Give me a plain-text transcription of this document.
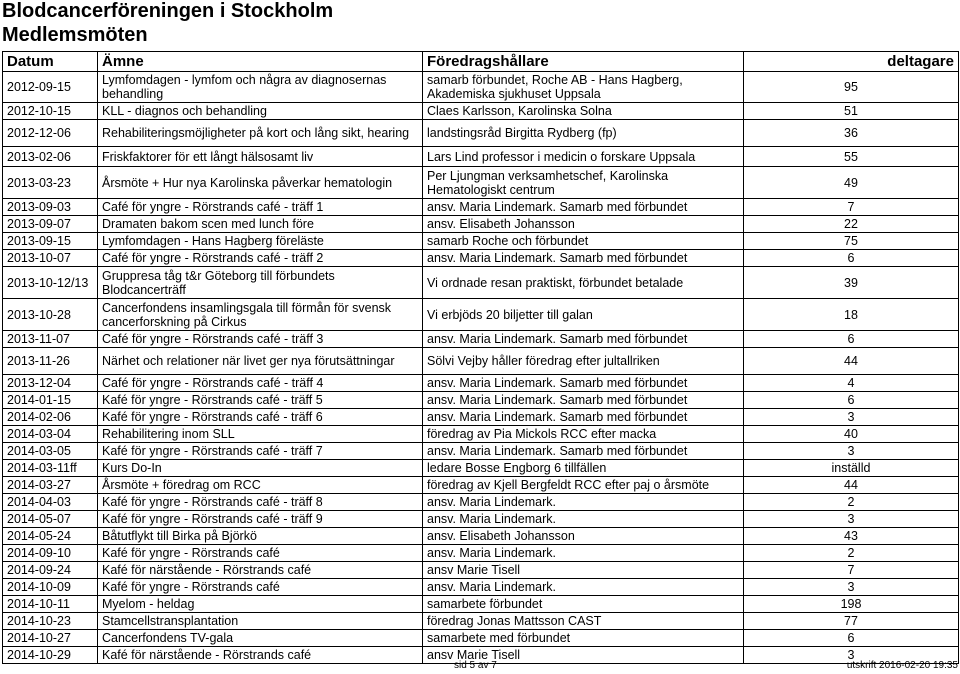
Blodcancerföreningen i Stockholm
Medlemsmöten
Datum	Ämne	Föredragshållare	deltagare
2012-09-15	Lymfomdagen - lymfom och några av diagnosernas behandling	samarb förbundet, Roche AB - Hans Hagberg, Akademiska sjukhuset Uppsala	95
2012-10-15	KLL - diagnos och behandling	Claes Karlsson, Karolinska Solna	51
2012-12-06	Rehabiliteringsmöjligheter på kort och lång sikt, hearing	landstingsråd Birgitta Rydberg (fp)	36
2013-02-06	Friskfaktorer för ett långt hälsosamt liv	Lars Lind professor i medicin o forskare Uppsala	55
2013-03-23	Årsmöte + Hur nya Karolinska påverkar hematologin	Per Ljungman verksamhetschef, Karolinska Hematologiskt centrum	49
2013-09-03	Café för yngre - Rörstrands café - träff 1	ansv. Maria Lindemark. Samarb med förbundet	7
2013-09-07	Dramaten bakom scen med lunch före	ansv. Elisabeth Johansson	22
2013-09-15	Lymfomdagen - Hans Hagberg föreläste	samarb Roche och förbundet	75
2013-10-07	Café för yngre - Rörstrands café - träff 2	ansv. Maria Lindemark. Samarb med förbundet	6
2013-10-12/13	Gruppresa tåg t&r Göteborg till förbundets Blodcancerträff	Vi ordnade resan praktiskt, förbundet betalade	39
2013-10-28	Cancerfondens insamlingsgala till förmån för svensk cancerforskning på Cirkus	Vi erbjöds 20 biljetter till galan	18
2013-11-07	Café för yngre - Rörstrands café - träff 3	ansv. Maria Lindemark. Samarb med förbundet	6
2013-11-26	Närhet och relationer när livet ger nya förutsättningar	Sölvi Vejby håller föredrag efter jultallriken	44
2013-12-04	Café för yngre - Rörstrands café - träff 4	ansv. Maria Lindemark. Samarb med förbundet	4
2014-01-15	Kafé för yngre - Rörstrands café - träff 5	ansv. Maria Lindemark. Samarb med förbundet	6
2014-02-06	Kafé för yngre - Rörstrands café - träff 6	ansv. Maria Lindemark. Samarb med förbundet	3
2014-03-04	Rehabilitering inom SLL	föredrag av Pia Mickols RCC efter macka	40
2014-03-05	Kafé för yngre - Rörstrands café - träff 7	ansv. Maria Lindemark. Samarb med förbundet	3
2014-03-11ff	Kurs Do-In	ledare Bosse Engborg 6 tillfällen	inställd
2014-03-27	Årsmöte + föredrag om RCC	föredrag av Kjell Bergfeldt RCC efter paj o årsmöte	44
2014-04-03	Kafé för yngre - Rörstrands café - träff 8	ansv. Maria Lindemark.	2
2014-05-07	Kafé för yngre - Rörstrands café - träff 9	ansv. Maria Lindemark.	3
2014-05-24	Båtutflykt till Birka på Björkö	ansv. Elisabeth Johansson	43
2014-09-10	Kafé för yngre - Rörstrands café	ansv. Maria Lindemark.	2
2014-09-24	Kafé för närstående - Rörstrands café	ansv Marie Tisell	7
2014-10-09	Kafé för yngre - Rörstrands café	ansv. Maria Lindemark.	3
2014-10-11	Myelom - heldag	samarbete förbundet	198
2014-10-23	Stamcellstransplantation	föredrag Jonas Mattsson CAST	77
2014-10-27	Cancerfondens TV-gala	samarbete med förbundet	6
2014-10-29	Kafé för närstående - Rörstrands café	ansv Marie Tisell	3
sid 5 av 7	utskrift 2016-02-20 19:35
